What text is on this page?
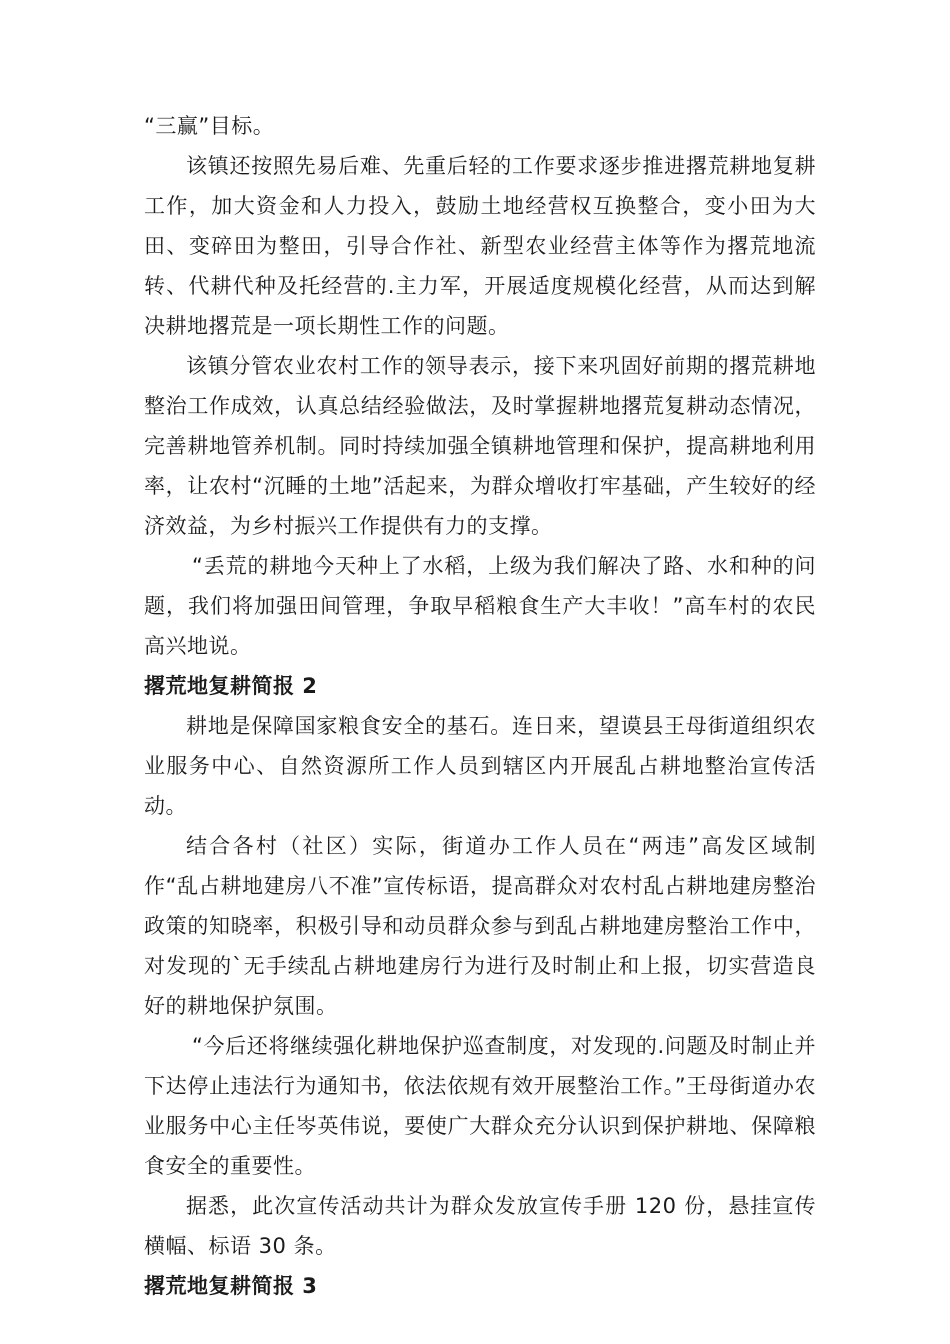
“三赢”目标。

该镇还按照先易后难、先重后轻的工作要求逐步推进撂荒耕地复耕工作，加大资金和人力投入，鼓励土地经营权互换整合，变小田为大田、变碎田为整田，引导合作社、新型农业经营主体等作为撂荒地流转、代耕代种及托经营的.主力军，开展适度规模化经营，从而达到解决耕地撂荒是一项长期性工作的问题。

该镇分管农业农村工作的领导表示，接下来巩固好前期的撂荒耕地整治工作成效，认真总结经验做法，及时掌握耕地撂荒复耕动态情况，完善耕地管养机制。同时持续加强全镇耕地管理和保护，提高耕地利用率，让农村“沉睡的土地”活起来，为群众增收打牢基础，产生较好的经济效益，为乡村振兴工作提供有力的支撑。

“丢荒的耕地今天种上了水稻，上级为我们解决了路、水和种的问题，我们将加强田间管理，争取早稻粮食生产大丰收！”高车村的农民高兴地说。

撂荒地复耕简报 2

耕地是保障国家粮食安全的基石。连日来，望谟县王母街道组织农业服务中心、自然资源所工作人员到辖区内开展乱占耕地整治宣传活动。

结合各村（社区）实际，街道办工作人员在“两违”高发区域制作“乱占耕地建房八不准”宣传标语，提高群众对农村乱占耕地建房整治政策的知晓率，积极引导和动员群众参与到乱占耕地建房整治工作中，对发现的`无手续乱占耕地建房行为进行及时制止和上报，切实营造良好的耕地保护氛围。

“今后还将继续强化耕地保护巡查制度，对发现的.问题及时制止并下达停止违法行为通知书，依法依规有效开展整治工作。”王母街道办农业服务中心主任岑英伟说，要使广大群众充分认识到保护耕地、保障粮食安全的重要性。

据悉，此次宣传活动共计为群众发放宣传手册 120 份，悬挂宣传横幅、标语 30 条。

撂荒地复耕简报 3
